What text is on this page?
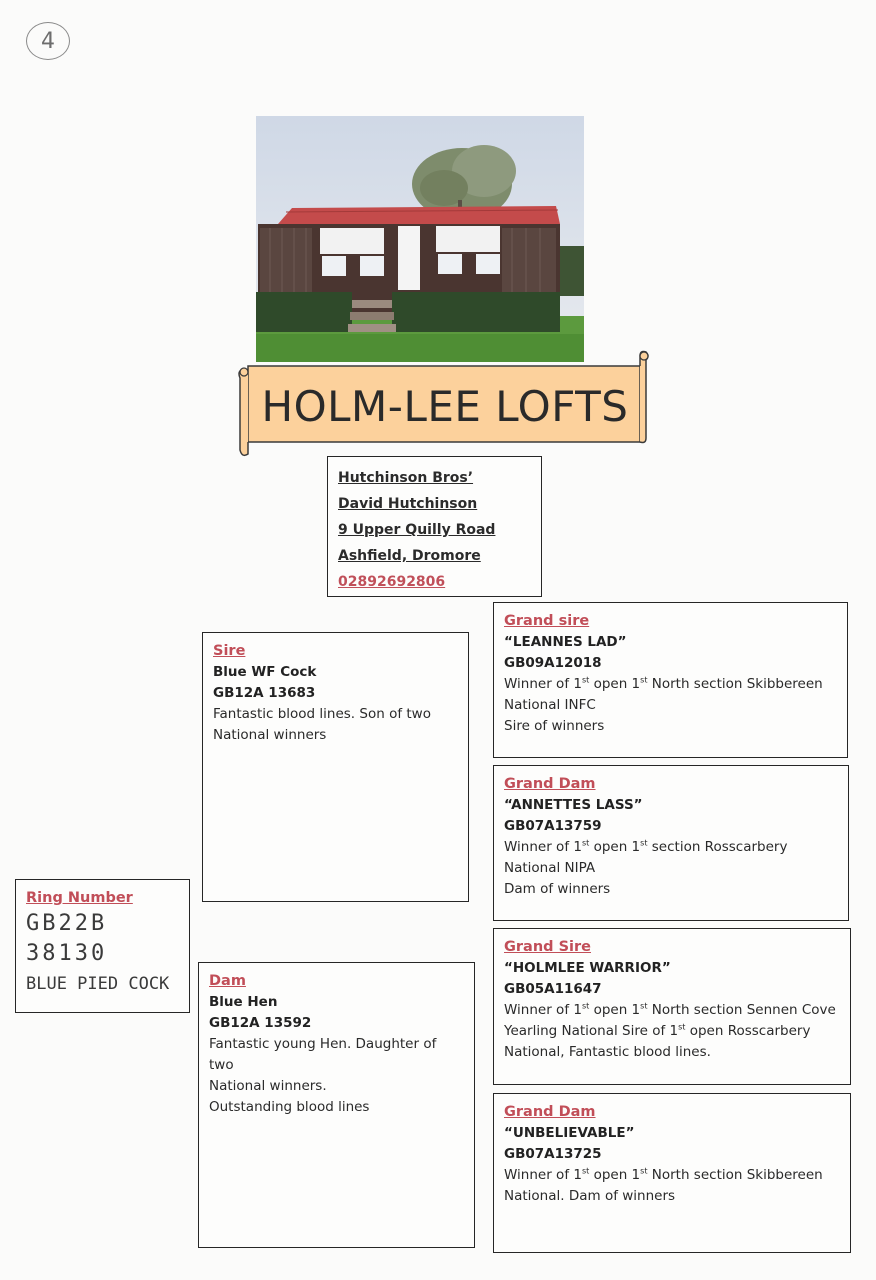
4
HOLM-LEE LOFTS
Hutchinson Bros’
David Hutchinson
9 Upper Quilly Road
Ashfield, Dromore
02892692806
Ring Number
GB22B
38130
BLUE PIED COCK
Sire
Blue WF Cock
GB12A 13683
Fantastic blood lines. Son of two
National winners
Dam
Blue Hen
GB12A 13592
Fantastic young Hen. Daughter of two
National winners.
Outstanding blood lines
Grand sire
“LEANNES LAD”
GB09A12018
Winner of 1st open 1st North section Skibbereen
National INFC
Sire of winners
Grand Dam
“ANNETTES LASS”
GB07A13759
Winner of 1st open 1st section Rosscarbery
National NIPA
Dam of winners
Grand Sire
“HOLMLEE WARRIOR”
GB05A11647
Winner of 1st open 1st North section Sennen Cove
Yearling National Sire of 1st open Rosscarbery
National, Fantastic blood lines.
Grand Dam
“UNBELIEVABLE”
GB07A13725
Winner of 1st open 1st North section Skibbereen
National. Dam of winners
